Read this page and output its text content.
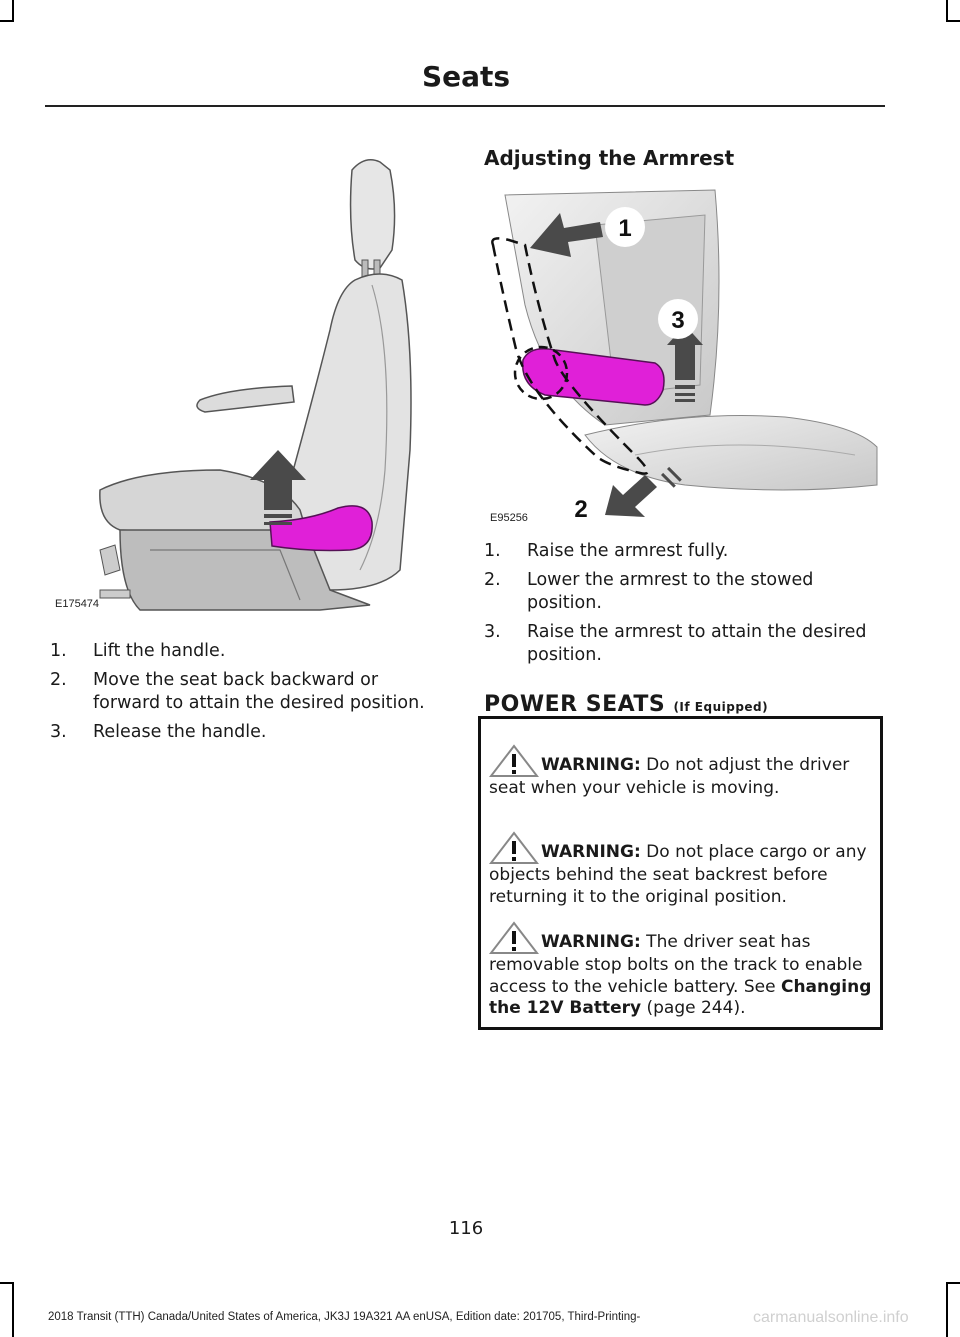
Seats
E175474
1. Lift the handle.
2. Move the seat back backward or forward to attain the desired position.
3. Release the handle.
Adjusting the Armrest
1
3
2
E95256
1. Raise the armrest fully.
2. Lower the armrest to the stowed position.
3. Raise the armrest to attain the desired position.
POWER SEATS (If Equipped)
WARNING: Do not adjust the driver seat when your vehicle is moving.
WARNING: Do not place cargo or any objects behind the seat backrest before returning it to the original position.
WARNING: The driver seat has removable stop bolts on the track to enable access to the vehicle battery. See Changing the 12V Battery (page 244).
116
2018 Transit (TTH) Canada/United States of America, JK3J 19A321 AA enUSA, Edition date: 201705, Third-Printing-	carmanualsonline.info
